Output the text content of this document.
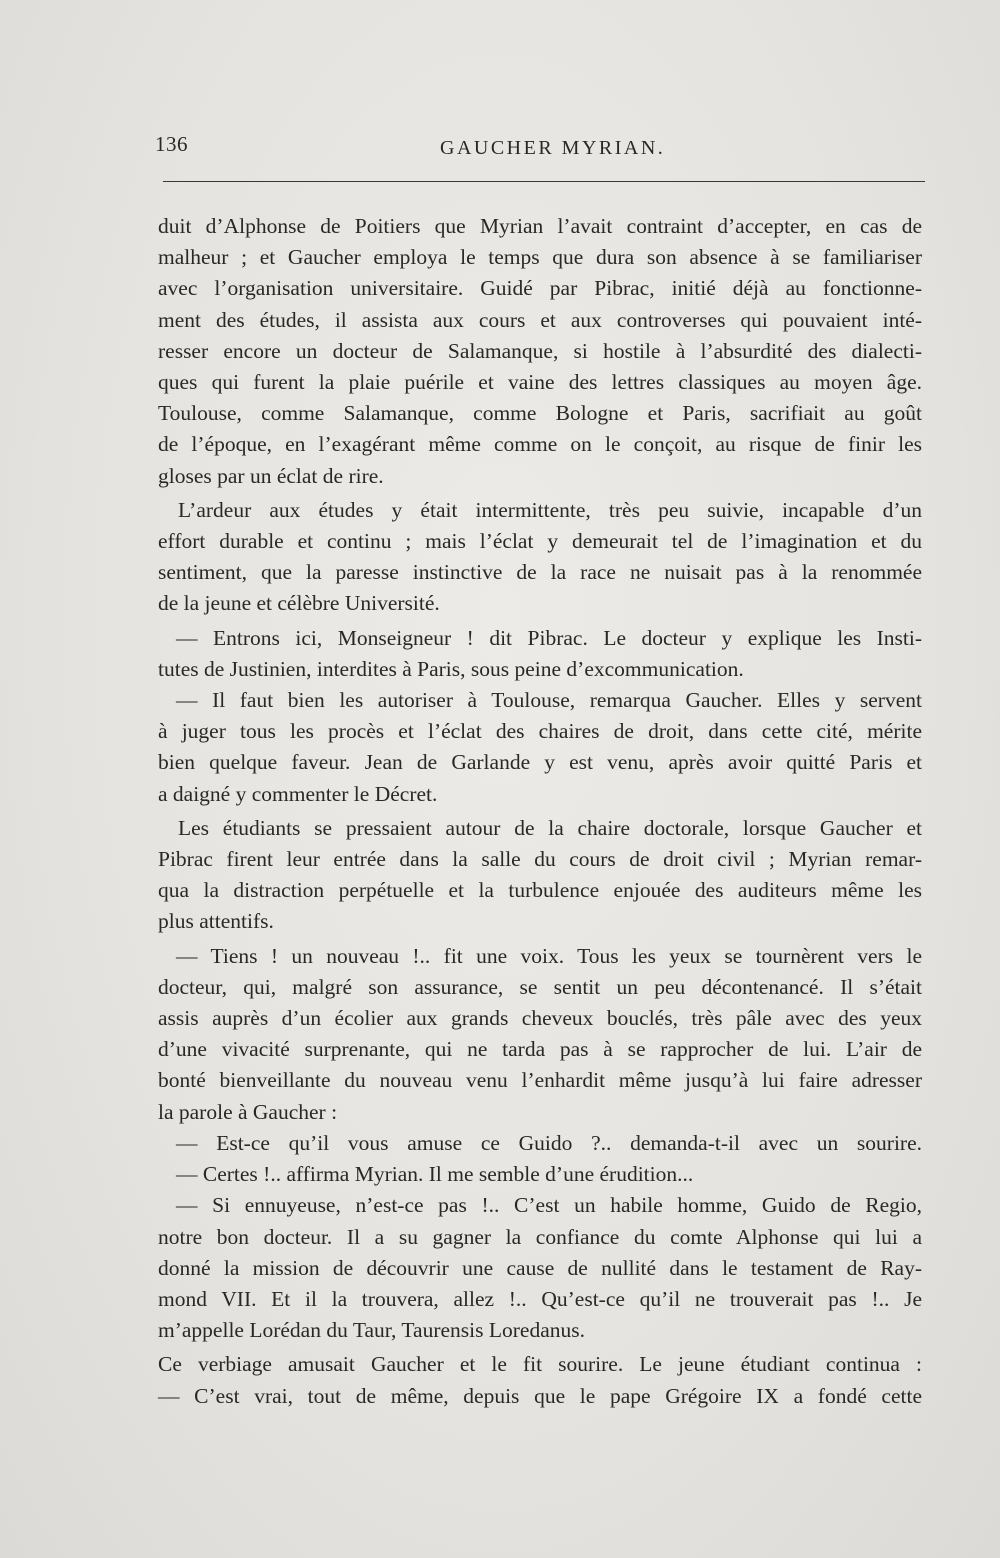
136	GAUCHER MYRIAN.
duit d’Alphonse de Poitiers que Myrian l’avait contraint d’accepter, en cas de
malheur ; et Gaucher employa le temps que dura son absence à se familiariser
avec l’organisation universitaire. Guidé par Pibrac, initié déjà au fonctionne-
ment des études, il assista aux cours et aux controverses qui pouvaient inté-
resser encore un docteur de Salamanque, si hostile à l’absurdité des dialecti-
ques qui furent la plaie puérile et vaine des lettres classiques au moyen âge.
Toulouse, comme Salamanque, comme Bologne et Paris, sacrifiait au goût
de l’époque, en l’exagérant même comme on le conçoit, au risque de finir les
gloses par un éclat de rire.
L’ardeur aux études y était intermittente, très peu suivie, incapable d’un
effort durable et continu ; mais l’éclat y demeurait tel de l’imagination et du
sentiment, que la paresse instinctive de la race ne nuisait pas à la renommée
de la jeune et célèbre Université.
— Entrons ici, Monseigneur ! dit Pibrac. Le docteur y explique les Insti-
tutes de Justinien, interdites à Paris, sous peine d’excommunication.
— Il faut bien les autoriser à Toulouse, remarqua Gaucher. Elles y servent
à juger tous les procès et l’éclat des chaires de droit, dans cette cité, mérite
bien quelque faveur. Jean de Garlande y est venu, après avoir quitté Paris et
a daigné y commenter le Décret.
Les étudiants se pressaient autour de la chaire doctorale, lorsque Gaucher et
Pibrac firent leur entrée dans la salle du cours de droit civil ; Myrian remar-
qua la distraction perpétuelle et la turbulence enjouée des auditeurs même les
plus attentifs.
— Tiens ! un nouveau !.. fit une voix. Tous les yeux se tournèrent vers le
docteur, qui, malgré son assurance, se sentit un peu décontenancé. Il s’était
assis auprès d’un écolier aux grands cheveux bouclés, très pâle avec des yeux
d’une vivacité surprenante, qui ne tarda pas à se rapprocher de lui. L’air de
bonté bienveillante du nouveau venu l’enhardit même jusqu’à lui faire adresser
la parole à Gaucher :
— Est-ce qu’il vous amuse ce Guido ?.. demanda-t-il avec un sourire.
— Certes !.. affirma Myrian. Il me semble d’une érudition...
— Si ennuyeuse, n’est-ce pas !.. C’est un habile homme, Guido de Regio,
notre bon docteur. Il a su gagner la confiance du comte Alphonse qui lui a
donné la mission de découvrir une cause de nullité dans le testament de Ray-
mond VII. Et il la trouvera, allez !.. Qu’est-ce qu’il ne trouverait pas !.. Je
m’appelle Lorédan du Taur, Taurensis Loredanus.
Ce verbiage amusait Gaucher et le fit sourire. Le jeune étudiant continua :
— C’est vrai, tout de même, depuis que le pape Grégoire IX a fondé cette
